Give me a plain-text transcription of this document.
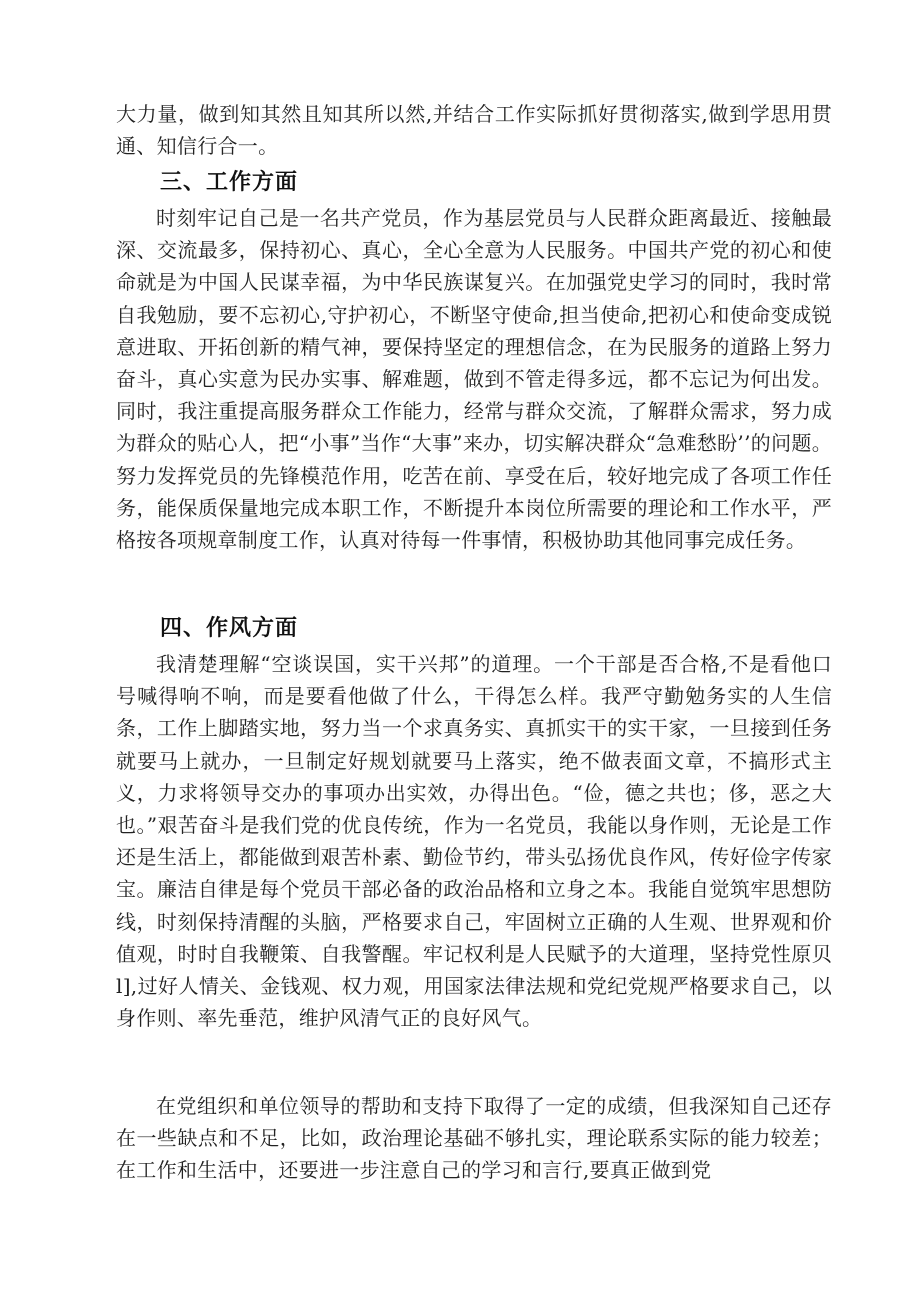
大力量，做到知其然且知其所以然,并结合工作实际抓好贯彻落实,做到学思用贯通、知信行合一。

三、工作方面

时刻牢记自己是一名共产党员，作为基层党员与人民群众距离最近、接触最深、交流最多，保持初心、真心，全心全意为人民服务。中国共产党的初心和使命就是为中国人民谋幸福，为中华民族谋复兴。在加强党史学习的同时，我时常自我勉励，要不忘初心,守护初心，不断坚守使命,担当使命,把初心和使命变成锐意进取、开拓创新的精气神，要保持坚定的理想信念，在为民服务的道路上努力奋斗，真心实意为民办实事、解难题，做到不管走得多远，都不忘记为何出发。同时，我注重提高服务群众工作能力，经常与群众交流，了解群众需求，努力成为群众的贴心人，把“小事”当作“大事”来办，切实解决群众“急难愁盼’’的问题。努力发挥党员的先锋模范作用，吃苦在前、享受在后，较好地完成了各项工作任务，能保质保量地完成本职工作，不断提升本岗位所需要的理论和工作水平，严格按各项规章制度工作，认真对待每一件事情，积极协助其他同事完成任务。

四、作风方面

我清楚理解“空谈误国，实干兴邦”的道理。一个干部是否合格,不是看他口号喊得响不响，而是要看他做了什么，干得怎么样。我严守勤勉务实的人生信条，工作上脚踏实地，努力当一个求真务实、真抓实干的实干家，一旦接到任务就要马上就办，一旦制定好规划就要马上落实，绝不做表面文章，不搞形式主义，力求将领导交办的事项办出实效，办得出色。“俭，德之共也；侈，恶之大也。”艰苦奋斗是我们党的优良传统，作为一名党员，我能以身作则，无论是工作还是生活上，都能做到艰苦朴素、勤俭节约，带头弘扬优良作风，传好俭字传家宝。廉洁自律是每个党员干部必备的政治品格和立身之本。我能自觉筑牢思想防线，时刻保持清醒的头脑，严格要求自己，牢固树立正确的人生观、世界观和价值观，时时自我鞭策、自我警醒。牢记权利是人民赋予的大道理，坚持党性原贝l],过好人情关、金钱观、权力观，用国家法律法规和党纪党规严格要求自己，以身作则、率先垂范，维护风清气正的良好风气。

在党组织和单位领导的帮助和支持下取得了一定的成绩，但我深知自己还存在一些缺点和不足，比如，政治理论基础不够扎实，理论联系实际的能力较差；在工作和生活中，还要进一步注意自己的学习和言行,要真正做到党
